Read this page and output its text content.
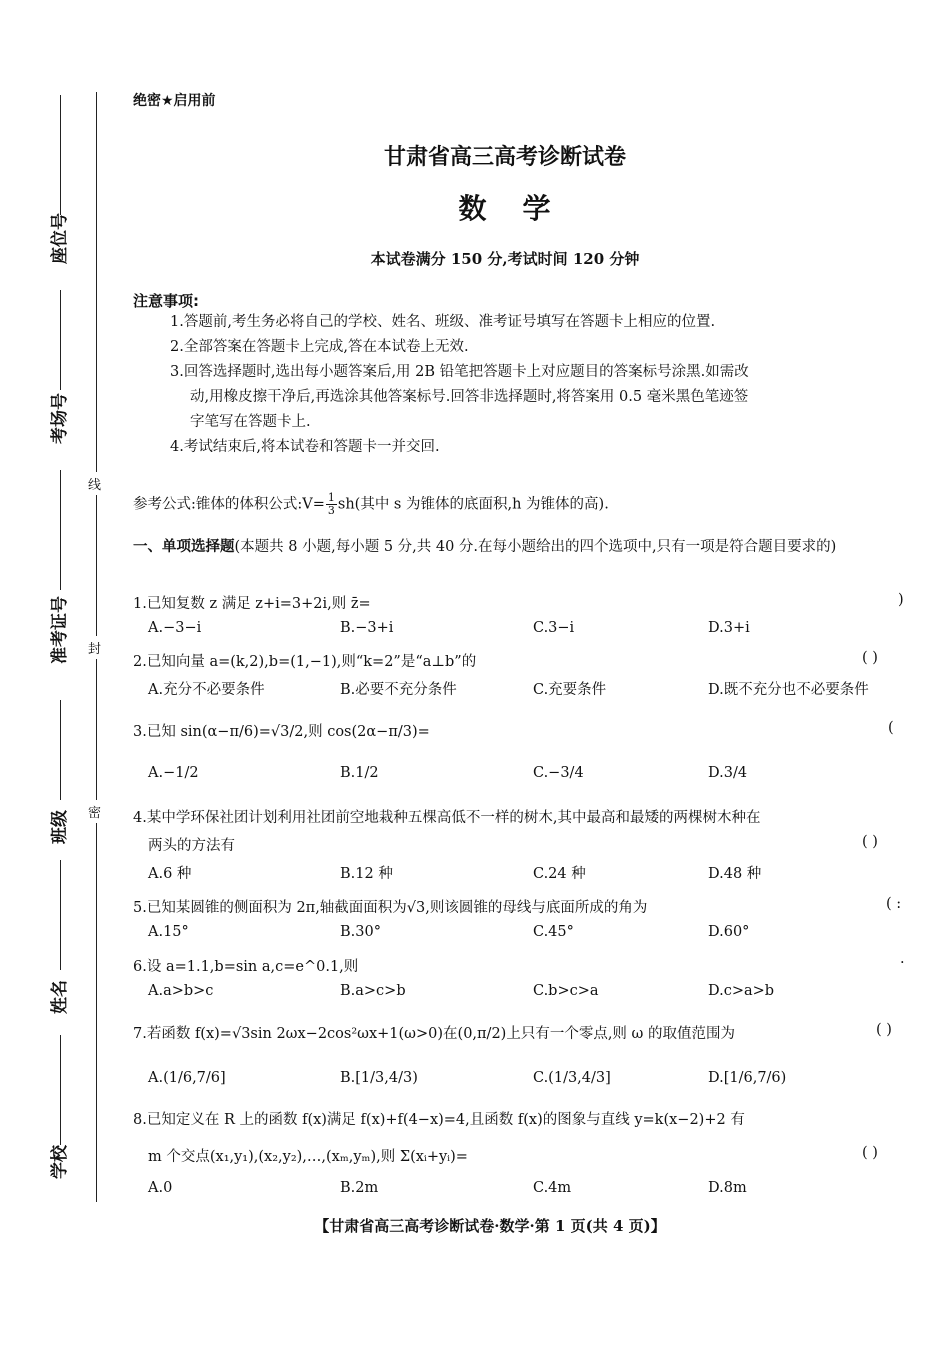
座位号
考场号
准考证号
班级
姓名
学校
线
封
密
绝密★启用前
甘肃省高三高考诊断试卷
数学
本试卷满分 150 分,考试时间 120 分钟
注意事项:
1.答题前,考生务必将自己的学校、姓名、班级、准考证号填写在答题卡上相应的位置.
2.全部答案在答题卡上完成,答在本试卷上无效.
3.回答选择题时,选出每小题答案后,用 2B 铅笔把答题卡上对应题目的答案标号涂黑.如需改
动,用橡皮擦干净后,再选涂其他答案标号.回答非选择题时,将答案用 0.5 毫米黑色笔迹签
字笔写在答题卡上.
4.考试结束后,将本试卷和答题卡一并交回.
参考公式:锥体的体积公式:V= $\frac{1}{3} sh$(其中 s 为锥体的底面积,h 为锥体的高).
一、单项选择题(本题共 8 小题,每小题 5 分,共 40 分.在每小题给出的四个选项中,只有一项是符合题目要求的)
1.已知复数 z 满足 z+i=3+2i,则 z̄=	)
A.−3−i	B.−3+i	C.3−i	D.3+i
2.已知向量 a=(k,2),b=(1,−1),则“k=2”是“a⊥b”的	( )
A.充分不必要条件	B.必要不充分条件	C.充要条件	D.既不充分也不必要条件
3.已知 sin(α−π/6)=√3/2,则 cos(2α−π/3)=	(
A.−1/2	B.1/2	C.−3/4	D.3/4
4.某中学环保社团计划利用社团前空地栽种五棵高低不一样的树木,其中最高和最矮的两棵树木种在
两头的方法有	( )
A.6 种	B.12 种	C.24 种	D.48 种
5.已知某圆锥的侧面积为 2π,轴截面面积为√3,则该圆锥的母线与底面所成的角为	( :
A.15°	B.30°	C.45°	D.60°
6.设 a=1.1,b=sin a,c=e^0.1,则	·
A.a>b>c	B.a>c>b	C.b>c>a	D.c>a>b
7.若函数 f(x)=√3sin 2ωx−2cos²ωx+1(ω>0)在(0,π/2)上只有一个零点,则 ω 的取值范围为	( )
A.(1/6,7/6]	B.[1/3,4/3)	C.(1/3,4/3]	D.[1/6,7/6)
8.已知定义在 R 上的函数 f(x)满足 f(x)+f(4−x)=4,且函数 f(x)的图象与直线 y=k(x−2)+2 有
m 个交点(x₁,y₁),(x₂,y₂),…,(xₘ,yₘ),则 Σ(xᵢ+yᵢ)=	( )
A.0	B.2m	C.4m	D.8m
【甘肃省高三高考诊断试卷·数学·第 1 页(共 4 页)】
